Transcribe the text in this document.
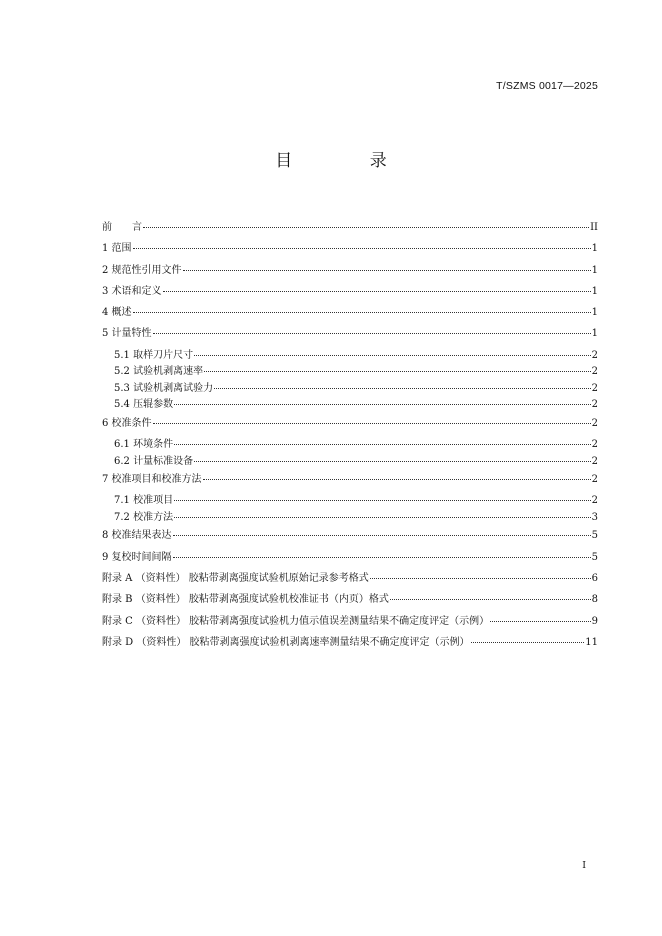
T/SZMS 0017—2025
目 录
前　　言	II
1 范围	1
2 规范性引用文件	1
3 术语和定义	1
4 概述	1
5 计量特性	1
5.1 取样刀片尺寸	2
5.2 试验机剥离速率	2
5.3 试验机剥离试验力	2
5.4 压辊参数	2
6 校准条件	2
6.1 环境条件	2
6.2 计量标准设备	2
7 校准项目和校准方法	2
7.1 校准项目	2
7.2 校准方法	3
8 校准结果表达	5
9 复校时间间隔	5
附录 A （资料性） 胶粘带剥离强度试验机原始记录参考格式	6
附录 B （资料性） 胶粘带剥离强度试验机校准证书（内页）格式	8
附录 C （资料性） 胶粘带剥离强度试验机力值示值误差测量结果不确定度评定（示例）	9
附录 D （资料性） 胶粘带剥离强度试验机剥离速率测量结果不确定度评定（示例）	11
I
